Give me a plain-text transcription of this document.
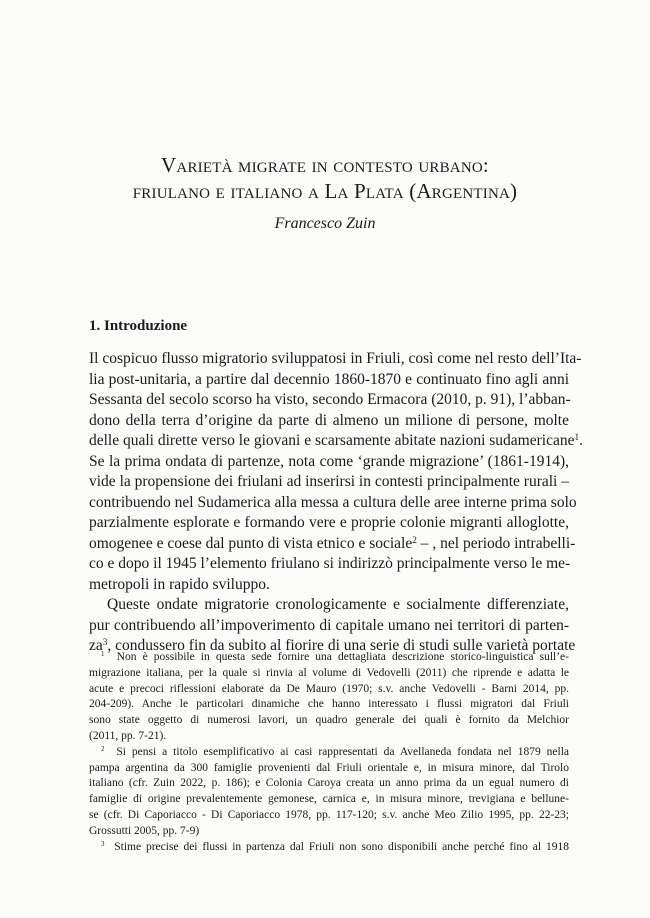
Varietà migrate in contesto urbano:
friulano e italiano a La Plata (Argentina)
Francesco Zuin
1. Introduzione
Il cospicuo flusso migratorio sviluppatosi in Friuli, così come nel resto dell’Ita-
lia post-unitaria, a partire dal decennio 1860-1870 e continuato fino agli anni
Sessanta del secolo scorso ha visto, secondo Ermacora (2010, p. 91), l’abban-
dono della terra d’origine da parte di almeno un milione di persone, molte
delle quali dirette verso le giovani e scarsamente abitate nazioni sudamericane$^1$.
Se la prima ondata di partenze, nota come ‘grande migrazione’ (1861-1914),
vide la propensione dei friulani ad inserirsi in contesti principalmente rurali –
contribuendo nel Sudamerica alla messa a cultura delle aree interne prima solo
parzialmente esplorate e formando vere e proprie colonie migranti alloglotte,
omogenee e coese dal punto di vista etnico e sociale$^2$ – , nel periodo intrabelli-
co e dopo il 1945 l’elemento friulano si indirizzò principalmente verso le me-
metropoli in rapido sviluppo.
Queste ondate migratorie cronologicamente e socialmente differenziate,
pur contribuendo all’impoverimento di capitale umano nei territori di parten-
$za^3$, condussero fin da subito al fiorire di una serie di studi sulle varietà portate
$^1$ Non è possibile in questa sede fornire una dettagliata descrizione storico-linguistica sull’e-
migrazione italiana, per la quale si rinvia al volume di Vedovelli (2011) che riprende e adatta le
acute e precoci riflessioni elaborate da De Mauro (1970; s.v. anche Vedovelli - Barni 2014, pp.
204-209). Anche le particolari dinamiche che hanno interessato i flussi migratori dal Friuli
sono state oggetto di numerosi lavori, un quadro generale dei quali è fornito da Melchior
(2011, pp. 7-21).
$^2$ Si pensi a titolo esemplificativo ai casi rappresentati da Avellaneda fondata nel 1879 nella
pampa argentina da 300 famiglie provenienti dal Friuli orientale e, in misura minore, dal Tirolo
italiano (cfr. Zuin 2022, p. 186); e Colonia Caroya creata un anno prima da un egual numero di
famiglie di origine prevalentemente gemonese, carnica e, in misura minore, trevigiana e bellune-
se (cfr. Di Caporiacco - Di Caporiacco 1978, pp. 117-120; s.v. anche Meo Zilio 1995, pp. 22-23;
Grossutti 2005, pp. 7-9)
$^3$ Stime precise dei flussi in partenza dal Friuli non sono disponibili anche perché fino al 1918
